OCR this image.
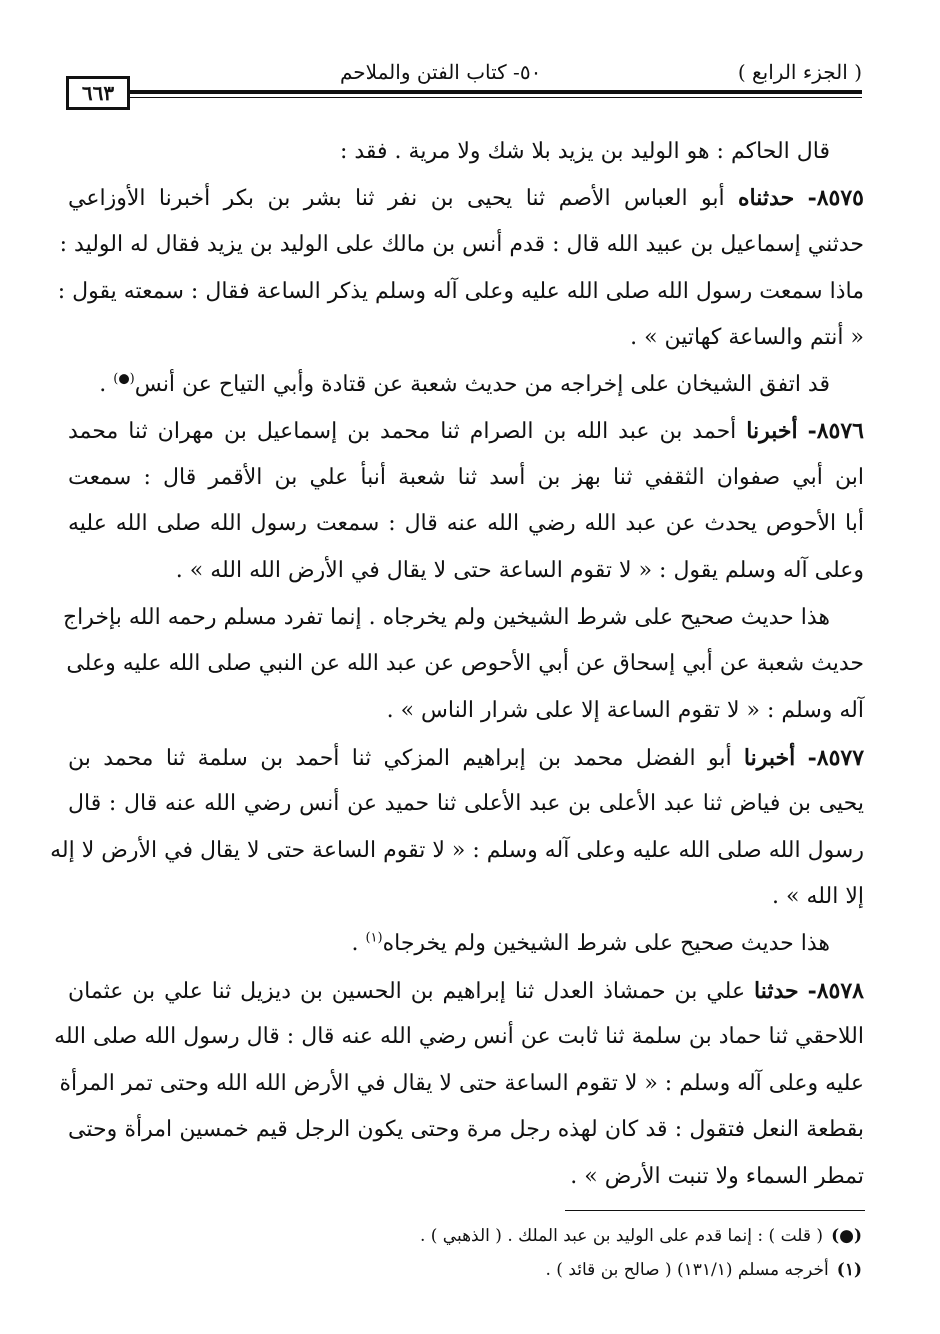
( الجزء الرابع )
٥٠- كتاب الفتن والملاحم
٦٦٣
قال الحاكم : هو الوليد بن يزيد بلا شك ولا مرية . فقد :
٨٥٧٥- حدثناه أبو العباس الأصم ثنا يحيى بن نفر ثنا بشر بن بكر أخبرنا الأوزاعي
حدثني إسماعيل بن عبيد الله قال : قدم أنس بن مالك على الوليد بن يزيد فقال له الوليد :
ماذا سمعت رسول الله صلى الله عليه وعلى آله وسلم يذكر الساعة فقال : سمعته يقول :
« أنتم والساعة كهاتين » .
قد اتفق الشيخان على إخراجه من حديث شعبة عن قتادة وأبي التياح عن أنس(●) .
٨٥٧٦- أخبرنا أحمد بن عبد الله بن الصرام ثنا محمد بن إسماعيل بن مهران ثنا محمد
ابن أبي صفوان الثقفي ثنا بهز بن أسد ثنا شعبة أنبأ علي بن الأقمر قال : سمعت
أبا الأحوص يحدث عن عبد الله رضي الله عنه قال : سمعت رسول الله صلى الله عليه
وعلى آله وسلم يقول : « لا تقوم الساعة حتى لا يقال في الأرض الله الله » .
هذا حديث صحيح على شرط الشيخين ولم يخرجاه . إنما تفرد مسلم رحمه الله بإخراج
حديث شعبة عن أبي إسحاق عن أبي الأحوص عن عبد الله عن النبي صلى الله عليه وعلى
آله وسلم : « لا تقوم الساعة إلا على شرار الناس » .
٨٥٧٧- أخبرنا أبو الفضل محمد بن إبراهيم المزكي ثنا أحمد بن سلمة ثنا محمد بن
يحيى بن فياض ثنا عبد الأعلى بن عبد الأعلى ثنا حميد عن أنس رضي الله عنه قال : قال
رسول الله صلى الله عليه وعلى آله وسلم : « لا تقوم الساعة حتى لا يقال في الأرض لا إله
إلا الله » .
هذا حديث صحيح على شرط الشيخين ولم يخرجاه$^{(١)}$ .
٨٥٧٨- حدثنا علي بن حمشاذ العدل ثنا إبراهيم بن الحسين بن ديزيل ثنا علي بن عثمان
اللاحقي ثنا حماد بن سلمة ثنا ثابت عن أنس رضي الله عنه قال : قال رسول الله صلى الله
عليه وعلى آله وسلم : « لا تقوم الساعة حتى لا يقال في الأرض الله الله وحتى تمر المرأة
بقطعة النعل فتقول : قد كان لهذه رجل مرة وحتى يكون الرجل قيم خمسين امرأة وحتى
تمطر السماء ولا تنبت الأرض » .
(●)( قلت ) : إنما قدم على الوليد بن عبد الملك . ( الذهبي ) .
(١)أخرجه مسلم (١٣١/١) ( صالح بن قائد ) .
